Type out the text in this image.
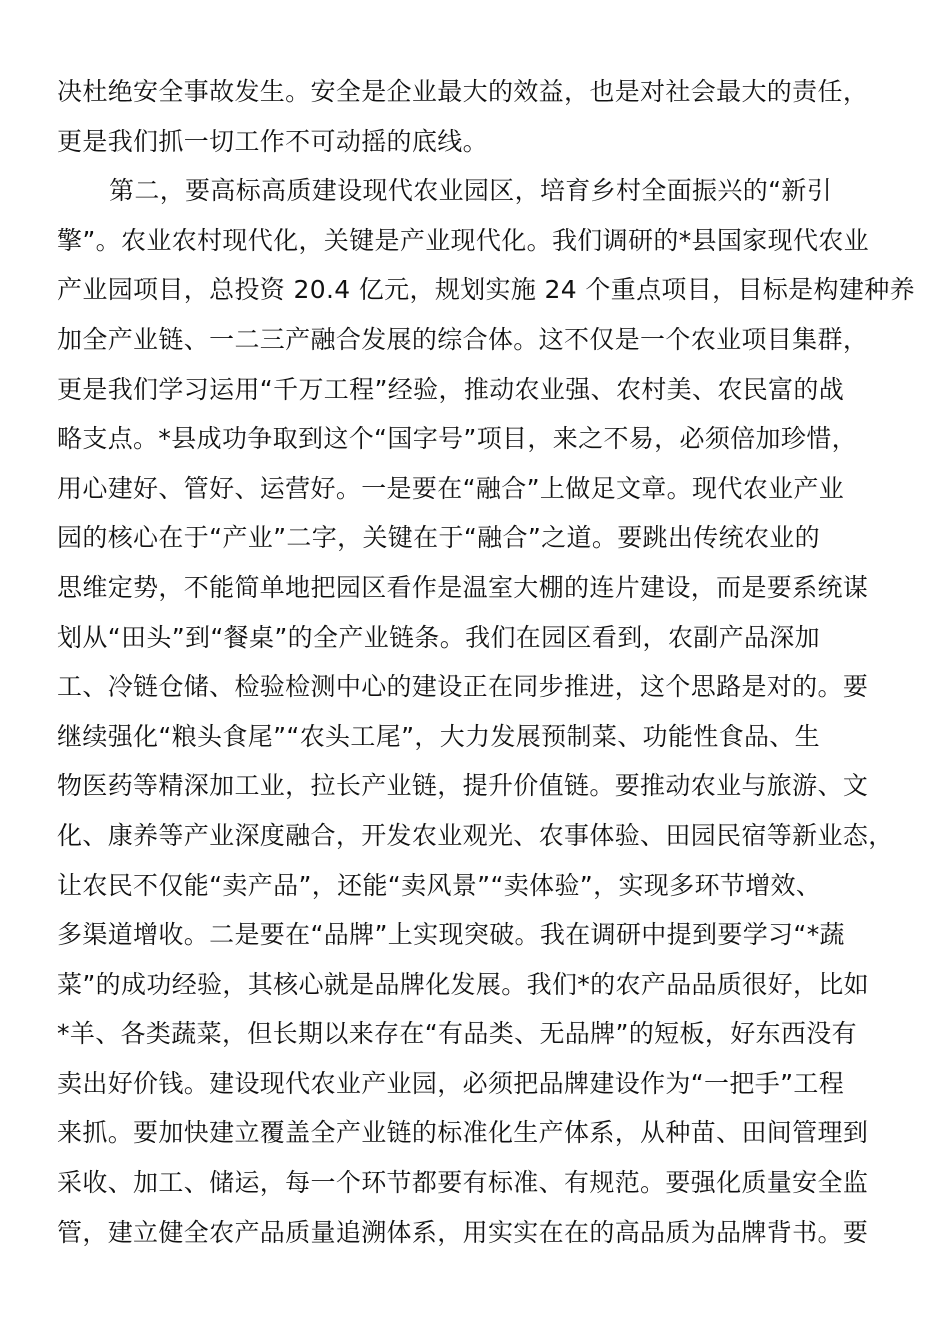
决杜绝安全事故发生。安全是企业最大的效益，也是对社会最大的责任，
更是我们抓一切工作不可动摇的底线。
第二，要高标高质建设现代农业园区，培育乡村全面振兴的“新引
擎”。农业农村现代化，关键是产业现代化。我们调研的*县国家现代农业
产业园项目，总投资 20.4 亿元，规划实施 24 个重点项目，目标是构建种养
加全产业链、一二三产融合发展的综合体。这不仅是一个农业项目集群，
更是我们学习运用“千万工程”经验，推动农业强、农村美、农民富的战
略支点。*县成功争取到这个“国字号”项目，来之不易，必须倍加珍惜，
用心建好、管好、运营好。一是要在“融合”上做足文章。现代农业产业
园的核心在于“产业”二字，关键在于“融合”之道。要跳出传统农业的
思维定势，不能简单地把园区看作是温室大棚的连片建设，而是要系统谋
划从“田头”到“餐桌”的全产业链条。我们在园区看到，农副产品深加
工、冷链仓储、检验检测中心的建设正在同步推进，这个思路是对的。要
继续强化“粮头食尾”“农头工尾”，大力发展预制菜、功能性食品、生
物医药等精深加工业，拉长产业链，提升价值链。要推动农业与旅游、文
化、康养等产业深度融合，开发农业观光、农事体验、田园民宿等新业态，
让农民不仅能“卖产品”，还能“卖风景”“卖体验”，实现多环节增效、
多渠道增收。二是要在“品牌”上实现突破。我在调研中提到要学习“*蔬
菜”的成功经验，其核心就是品牌化发展。我们*的农产品品质很好，比如
*羊、各类蔬菜，但长期以来存在“有品类、无品牌”的短板，好东西没有
卖出好价钱。建设现代农业产业园，必须把品牌建设作为“一把手”工程
来抓。要加快建立覆盖全产业链的标准化生产体系，从种苗、田间管理到
采收、加工、储运，每一个环节都要有标准、有规范。要强化质量安全监
管，建立健全农产品质量追溯体系，用实实在在的高品质为品牌背书。要
